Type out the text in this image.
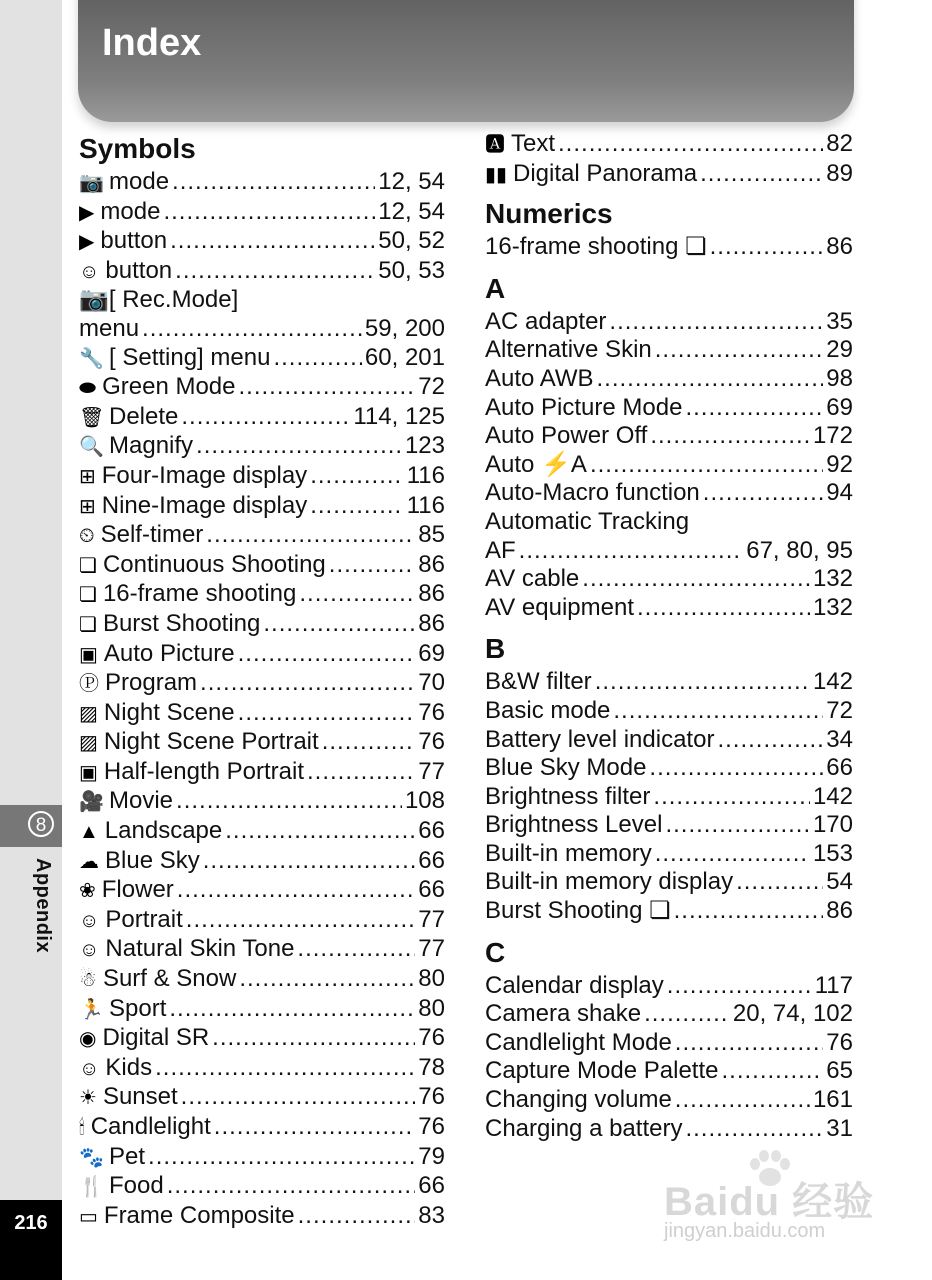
8
Appendix
216
Index
Symbols
📷 mode .....	12, 54
▶ mode .....	12, 54
▶ button .....	50, 52
☺ button .....	50, 53
📷[ Rec.Mode]
menu .....	59, 200
🔧 [ Setting] menu .....	60, 201
⬬ Green Mode .....	72
🗑 Delete .....	114, 125
🔍 Magnify .....	123
⊞ Four-Image display .....	116
⊞ Nine-Image display .....	116
⏲ Self-timer .....	85
❏ Continuous Shooting .....	86
❏ 16-frame shooting .....	86
❏ Burst Shooting .....	86
▣ Auto Picture .....	69
Ⓟ Program .....	70
▨ Night Scene .....	76
▨ Night Scene Portrait .....	76
▣ Half-length Portrait .....	77
🎥 Movie .....	108
▲ Landscape .....	66
☁ Blue Sky .....	66
❀ Flower .....	66
☺ Portrait .....	77
☺ Natural Skin Tone .....	77
☃ Surf & Snow .....	80
🏃 Sport .....	80
◉ Digital SR .....	76
☺ Kids .....	78
☀ Sunset .....	76
🕯 Candlelight .....	76
🐾 Pet .....	79
🍴 Food .....	66
▭ Frame Composite .....	83
🅰 Text .....	82
▮▮ Digital Panorama .....	89
Numerics
16-frame shooting ❏ .....	86
A
AC adapter .....	35
Alternative Skin .....	29
Auto AWB .....	98
Auto Picture Mode .....	69
Auto Power Off .....	172
Auto ⚡A .....	92
Auto-Macro function .....	94
Automatic Tracking
AF .....	67, 80, 95
AV cable .....	132
AV equipment .....	132
B
B&W filter .....	142
Basic mode .....	72
Battery level indicator .....	34
Blue Sky Mode .....	66
Brightness filter .....	142
Brightness Level .....	170
Built-in memory .....	153
Built-in memory display .....	54
Burst Shooting ❏ .....	86
C
Calendar display .....	117
Camera shake .....	20, 74, 102
Candlelight Mode .....	76
Capture Mode Palette .....	65
Changing volume .....	161
Charging a battery .....	31
Baidu 经验
jingyan.baidu.com
